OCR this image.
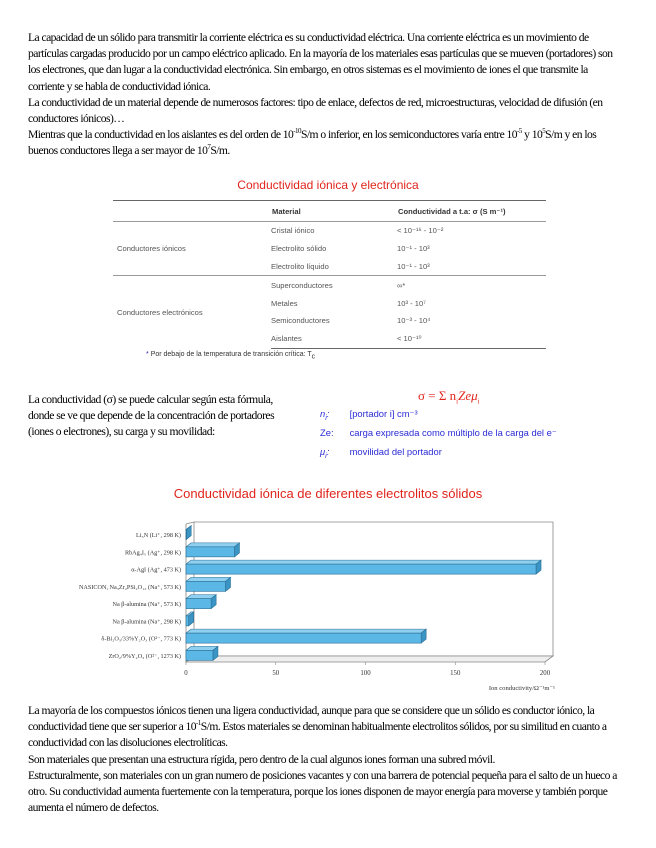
La capacidad de un sólido para transmitir la corriente eléctrica es su conductividad eléctrica. Una corriente eléctrica es un movimiento de partículas cargadas producido por un campo eléctrico aplicado. En la mayoría de los materiales esas partículas que se mueven (portadores) son los electrones, que dan lugar a la conductividad electrónica. Sin embargo, en otros sistemas es el movimiento de iones el que transmite la corriente y se habla de conductividad iónica.

La conductividad de un material depende de numerosos factores: tipo de enlace, defectos de red, microestructuras, velocidad de difusión (en conductores iónicos)…

Mientras que la conductividad en los aislantes es del orden de $10^{-10}S/m$ o inferior, en los semiconductores varía entre $10^{-5}$ y $10^5S/m$ y en los buenos conductores llega a ser mayor de $10^7S/m$.

Conductividad iónica y electrónica
	Material	Conductividad a t.a: σ (S m⁻¹)
Conductores iónicos	Cristal iónico	< 10⁻¹⁶ - 10⁻²
	Electrolito sólido	10⁻¹ - 10³
	Electrolito líquido	10⁻¹ - 10³
Conductores electrónicos	Superconductores	∞*
	Metales	10³ - 10⁷
	Semiconductores	10⁻³ - 10⁴
	Aislantes	< 10⁻¹⁰
* Por debajo de la temperatura de transición crítica: $T_c$
La conductividad (σ) se puede calcular según esta fórmula, donde se ve que depende de la concentración de portadores (iones o electrones), su carga y su movilidad:
σ = Σ $n_iZe\mu_i$
$n_i$: [portador i] cm⁻³
Ze: carga expresada como múltiplo de la carga del e⁻
$\mu_i$: movilidad del portador
Conductividad iónica de diferentes electrolitos sólidos
Li₃N (Li⁺, 298 K)
RbAg₄I₅ (Ag⁺, 298 K)
α-AgI (Ag⁺, 473 K)
NASICON, Na₃Zr₂PSi₂O₁₂ (Na⁺, 573 K)
Na β-alumina (Na⁺, 573 K)
Na β-alumina (Na⁺, 298 K)
δ-Bi₂O₃/33%Y₂O₃ (O²⁻, 773 K)
ZrO₂/9%Y₂O₃ (O²⁻, 1273 K)
0	50	100	150	200
Ion conductivity/Ω⁻¹m⁻¹

La mayoría de los compuestos iónicos tienen una ligera conductividad, aunque para que se considere que un sólido es conductor iónico, la conductividad tiene que ser superior a $10^{-1}S/m$. Estos materiales se denominan habitualmente electrolitos sólidos, por su similitud en cuanto a conductividad con las disoluciones electrolíticas.

Son materiales que presentan una estructura rígida, pero dentro de la cual algunos iones forman una subred móvil.

Estructuralmente, son materiales con un gran numero de posiciones vacantes y con una barrera de potencial pequeña para el salto de un hueco a otro. Su conductividad aumenta fuertemente con la temperatura, porque los iones disponen de mayor energía para moverse y también porque aumenta el número de defectos.
